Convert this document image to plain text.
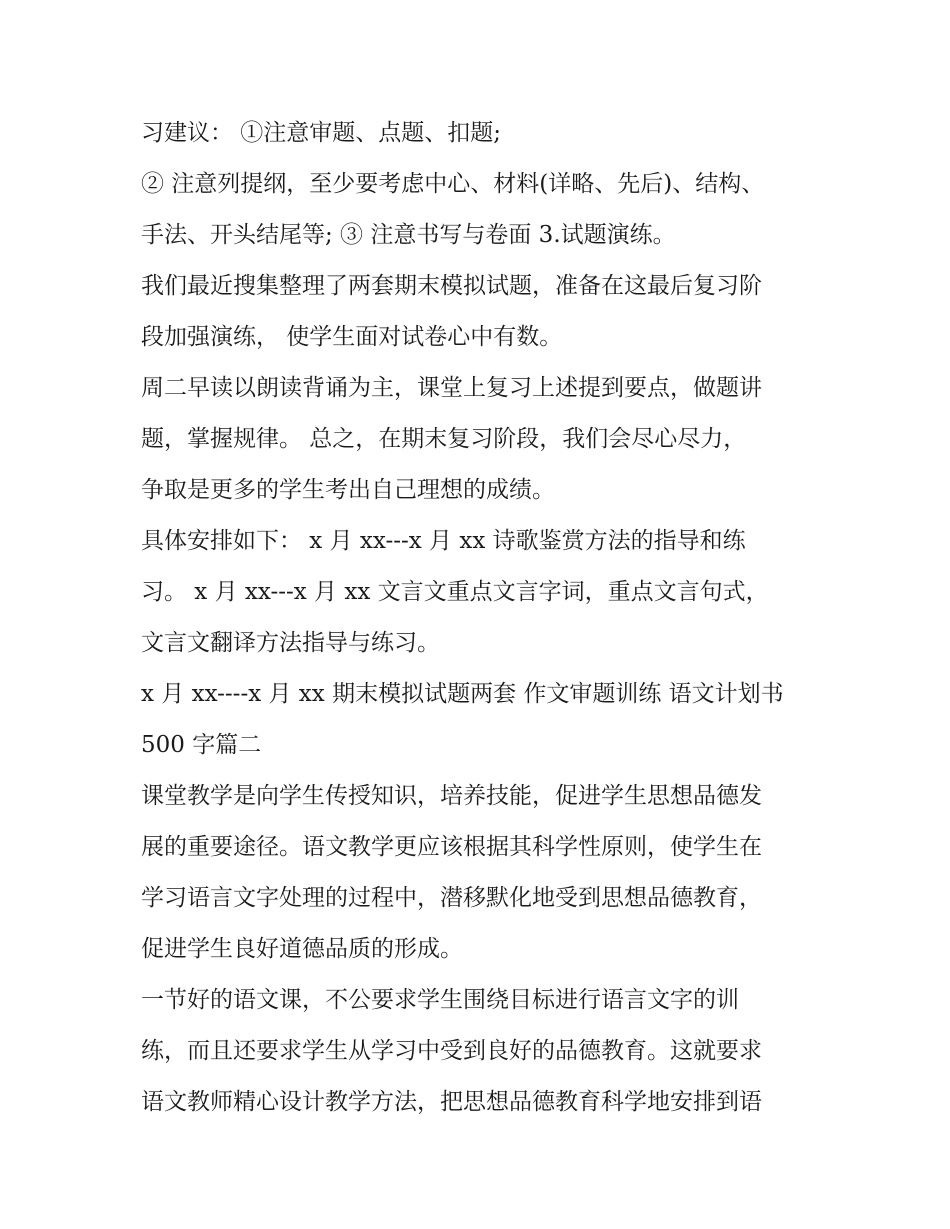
习建议： ①注意审题、点题、扣题;
② 注意列提纲，至少要考虑中心、材料(详略、先后)、结构、
手法、开头结尾等; ③ 注意书写与卷面 3.试题演练。
我们最近搜集整理了两套期末模拟试题，准备在这最后复习阶
段加强演练， 使学生面对试卷心中有数。
周二早读以朗读背诵为主，课堂上复习上述提到要点，做题讲
题，掌握规律。 总之，在期末复习阶段，我们会尽心尽力，
争取是更多的学生考出自己理想的成绩。
具体安排如下： x 月 xx---x 月 xx 诗歌鉴赏方法的指导和练
习。 x 月 xx---x 月 xx 文言文重点文言字词，重点文言句式，
文言文翻译方法指导与练习。
x 月 xx----x 月 xx 期末模拟试题两套 作文审题训练 语文计划书
500 字篇二
课堂教学是向学生传授知识，培养技能，促进学生思想品德发
展的重要途径。语文教学更应该根据其科学性原则，使学生在
学习语言文字处理的过程中，潜移默化地受到思想品德教育，
促进学生良好道德品质的形成。
一节好的语文课，不公要求学生围绕目标进行语言文字的训
练，而且还要求学生从学习中受到良好的品德教育。这就要求
语文教师精心设计教学方法，把思想品德教育科学地安排到语
